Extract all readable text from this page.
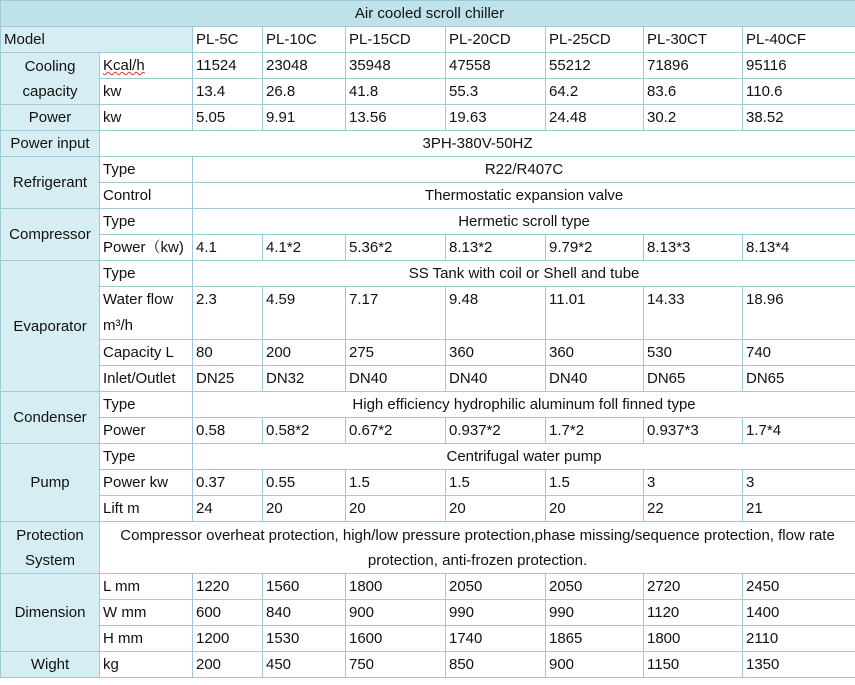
Air cooled scroll chiller								
Model		PL-5C	PL-10C	PL-15CD	PL-20CD	PL-25CD	PL-30CT	PL-40CF
Cooling capacity	Kcal/h	11524	23048	35948	47558	55212	71896	95116
	kw	13.4	26.8	41.8	55.3	64.2	83.6	110.6
Power	kw	5.05	9.91	13.56	19.63	24.48	30.2	38.52
Power input	3PH-380V-50HZ							
Refrigerant	Type	R22/R407C						
	Control	Thermostatic expansion valve						
Compressor	Type	Hermetic scroll type						
	Power（kw)	4.1	4.1*2	5.36*2	8.13*2	9.79*2	8.13*3	8.13*4
Evaporator	Type	SS Tank with coil or Shell and tube						
	Water flow m³/h	2.3	4.59	7.17	9.48	11.01	14.33	18.96
	Capacity L	80	200	275	360	360	530	740
	Inlet/Outlet	DN25	DN32	DN40	DN40	DN40	DN65	DN65
Condenser	Type	High efficiency hydrophilic aluminum foll finned type						
	Power	0.58	0.58*2	0.67*2	0.937*2	1.7*2	0.937*3	1.7*4
Pump	Type	Centrifugal water pump						
	Power kw	0.37	0.55	1.5	1.5	1.5	3	3
	Lift m	24	20	20	20	20	22	21
Protection System	Compressor overheat protection, high/low pressure protection,phase missing/sequence protection, flow rate protection, anti-frozen protection.							
Dimension	L mm	1220	1560	1800	2050	2050	2720	2450
	W mm	600	840	900	990	990	1120	1400
	H mm	1200	1530	1600	1740	1865	1800	2110
Wight	kg	200	450	750	850	900	1150	1350
